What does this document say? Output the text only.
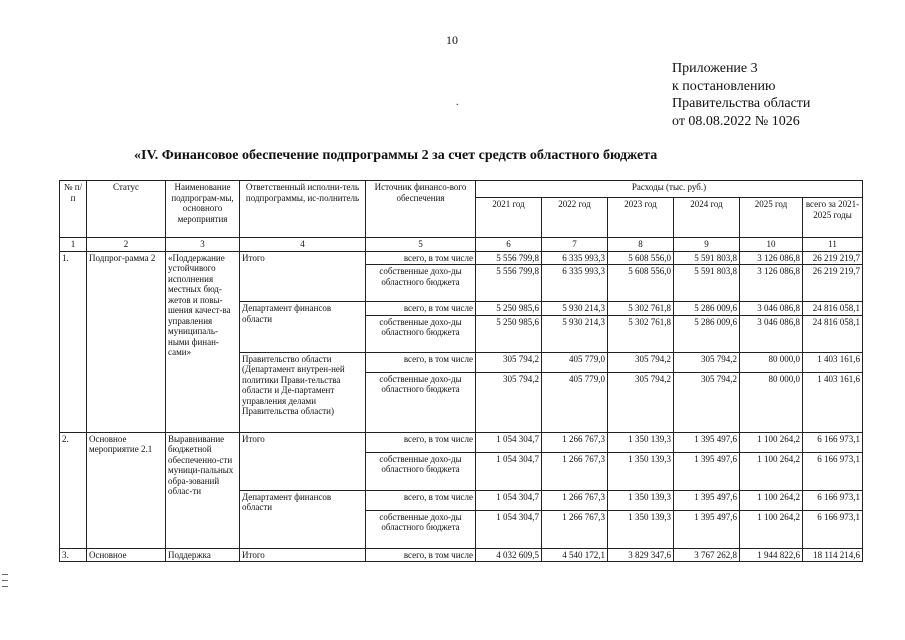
10
Приложение 3
к постановлению
Правительства области
от 08.08.2022 № 1026
.
«IV. Финансовое обеспечение подпрограммы 2 за счет средств областного бюджета
№ п/п	Статус	Наименование подпрограм-мы, основного мероприятия	Ответственный исполни-тель подпрограммы, ис-полнитель	Источник финансо-вого обеспечения	Расходы (тыс. руб.)					
					2021 год	2022 год	2023 год	2024 год	2025 год	всего за 2021-2025 годы
1	2	3	4	5	6	7	8	9	10	11
1.	Подпрог-рамма 2	«Поддержание устойчивого исполнения местных бюд-жетов и повы-шения качест-ва управления муниципаль-ными финан-сами»	Итого	всего, в том числе	5 556 799,8	6 335 993,3	5 608 556,0	5 591 803,8	3 126 086,8	26 219 219,7
				собственные дохо-ды областного бюджета	5 556 799,8	6 335 993,3	5 608 556,0	5 591 803,8	3 126 086,8	26 219 219,7
			Департамент финансов области	всего, в том числе	5 250 985,6	5 930 214,3	5 302 761,8	5 286 009,6	3 046 086,8	24 816 058,1
				собственные дохо-ды областного бюджета	5 250 985,6	5 930 214,3	5 302 761,8	5 286 009,6	3 046 086,8	24 816 058,1
			Правительство области (Департамент внутрен-ней политики Прави-тельства области и Де-партамент управления делами Правительства области)	всего, в том числе	305 794,2	405 779,0	305 794,2	305 794,2	80 000,0	1 403 161,6
				собственные дохо-ды областного бюджета	305 794,2	405 779,0	305 794,2	305 794,2	80 000,0	1 403 161,6
2.	Основное мероприятие 2.1	Выравнивание бюджетной обеспеченно-сти муници-пальных обра-зований облас-ти	Итого	всего, в том числе	1 054 304,7	1 266 767,3	1 350 139,3	1 395 497,6	1 100 264,2	6 166 973,1
				собственные дохо-ды областного бюджета	1 054 304,7	1 266 767,3	1 350 139,3	1 395 497,6	1 100 264,2	6 166 973,1
			Департамент финансов области	всего, в том числе	1 054 304,7	1 266 767,3	1 350 139,3	1 395 497,6	1 100 264,2	6 166 973,1
				собственные дохо-ды областного бюджета	1 054 304,7	1 266 767,3	1 350 139,3	1 395 497,6	1 100 264,2	6 166 973,1
3.	Основное	Поддержка	Итого	всего, в том числе	4 032 609,5	4 540 172,1	3 829 347,6	3 767 262,8	1 944 822,6	18 114 214,6
